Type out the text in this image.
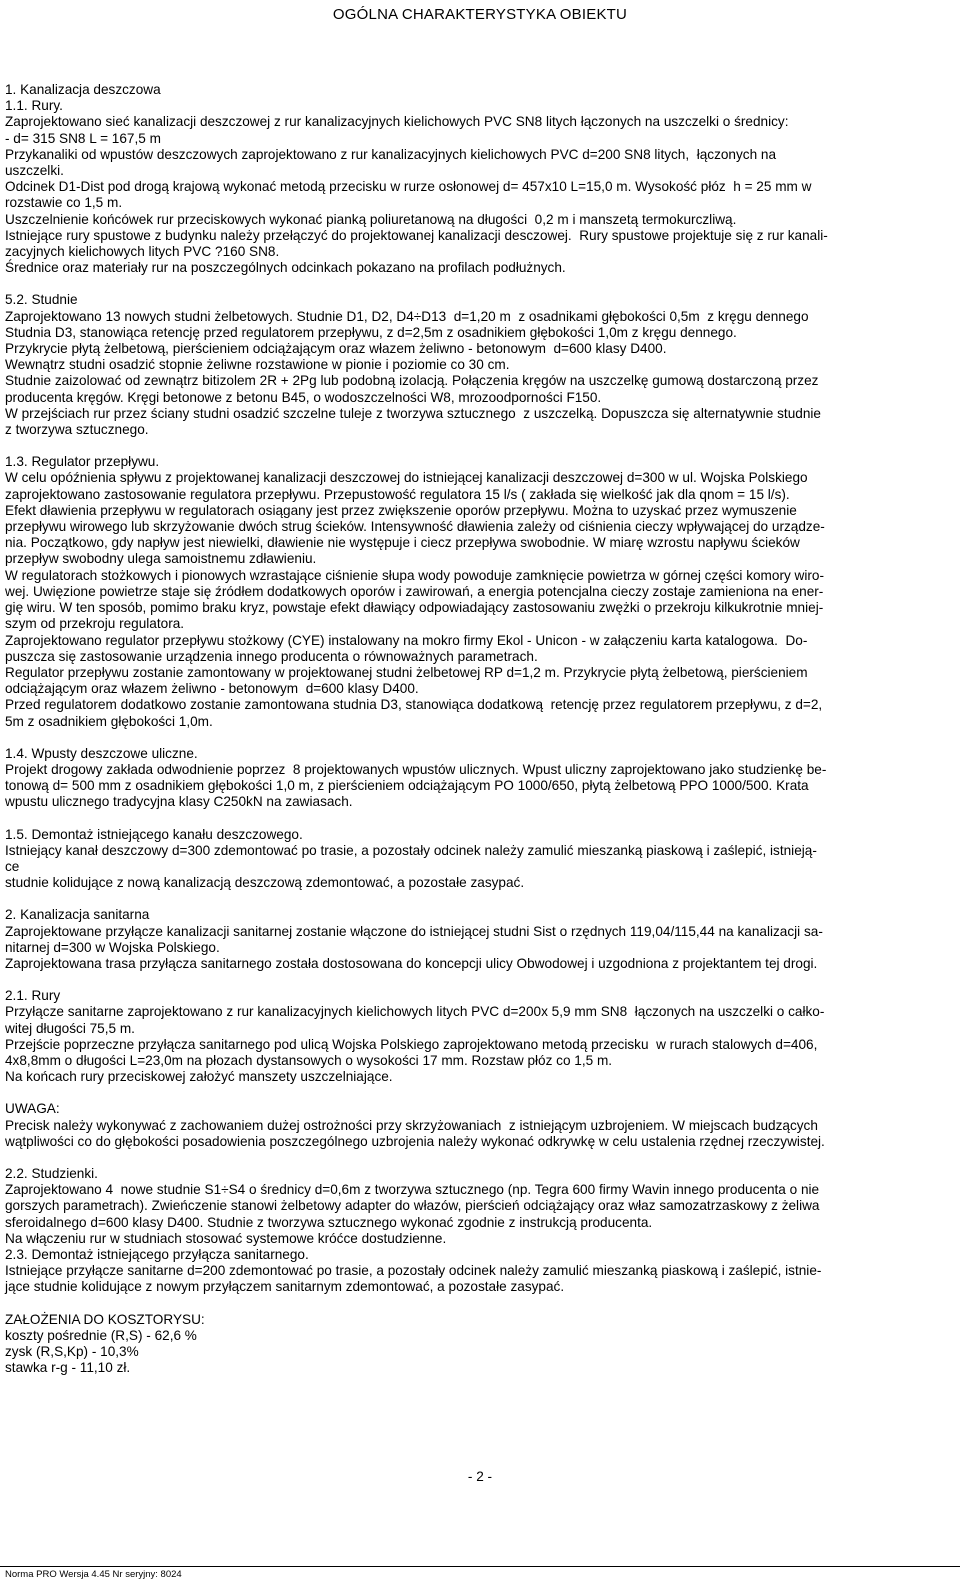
OGÓLNA CHARAKTERYSTYKA OBIEKTU

1. Kanalizacja deszczowa

1.1. Rury.

Zaprojektowano sieć kanalizacji deszczowej z rur kanalizacyjnych kielichowych PVC SN8 litych łączonych na uszczelki o średnicy:

- d= 315 SN8 L = 167,5 m

Przykanaliki od wpustów deszczowych zaprojektowano z rur kanalizacyjnych kielichowych PVC d=200 SN8 litych,  łączonych na

uszczelki.

Odcinek D1-Dist pod drogą krajową wykonać metodą przecisku w rurze osłonowej d= 457x10 L=15,0 m. Wysokość płóz  h = 25 mm w

rozstawie co 1,5 m.

Uszczelnienie końcówek rur przeciskowych wykonać pianką poliuretanową na długości  0,2 m i manszetą termokurczliwą.

Istniejące rury spustowe z budynku należy przełączyć do projektowanej kanalizacji desczowej.  Rury spustowe projektuje się z rur kanali-

zacyjnych kielichowych litych PVC ?160 SN8.

Średnice oraz materiały rur na poszczególnych odcinkach pokazano na profilach podłużnych.

5.2. Studnie

Zaprojektowano 13 nowych studni żelbetowych. Studnie D1, D2, D4÷D13  d=1,20 m  z osadnikami głębokości 0,5m  z kręgu dennego

Studnia D3, stanowiąca retencję przed regulatorem przepływu, z d=2,5m z osadnikiem głębokości 1,0m z kręgu dennego.

Przykrycie płytą żelbetową, pierścieniem odciążającym oraz włazem żeliwno - betonowym  d=600 klasy D400.

Wewnątrz studni osadzić stopnie żeliwne rozstawione w pionie i poziomie co 30 cm.

Studnie zaizolować od zewnątrz bitizolem 2R + 2Pg lub podobną izolacją. Połączenia kręgów na uszczelkę gumową dostarczoną przez

producenta kręgów. Kręgi betonowe z betonu B45, o wodoszczelności W8, mrozoodporności F150.

W przejściach rur przez ściany studni osadzić szczelne tuleje z tworzywa sztucznego  z uszczelką. Dopuszcza się alternatywnie studnie

z tworzywa sztucznego.

1.3. Regulator przepływu.

W celu opóźnienia spływu z projektowanej kanalizacji deszczowej do istniejącej kanalizacji deszczowej d=300 w ul. Wojska Polskiego

zaprojektowano zastosowanie regulatora przepływu. Przepustowość regulatora 15 l/s ( zakłada się wielkość jak dla qnom = 15 l/s).

Efekt dławienia przepływu w regulatorach osiągany jest przez zwiększenie oporów przepływu. Można to uzyskać przez wymuszenie

przepływu wirowego lub skrzyżowanie dwóch strug ścieków. Intensywność dławienia zależy od ciśnienia cieczy wpływającej do urządze-

nia. Początkowo, gdy napływ jest niewielki, dławienie nie występuje i ciecz przepływa swobodnie. W miarę wzrostu napływu ścieków

przepływ swobodny ulega samoistnemu zdławieniu.

W regulatorach stożkowych i pionowych wzrastające ciśnienie słupa wody powoduje zamknięcie powietrza w górnej części komory wiro-

wej. Uwięzione powietrze staje się źródłem dodatkowych oporów i zawirowań, a energia potencjalna cieczy zostaje zamieniona na ener-

gię wiru. W ten sposób, pomimo braku kryz, powstaje efekt dławiący odpowiadający zastosowaniu zwężki o przekroju kilkukrotnie mniej-

szym od przekroju regulatora.

Zaprojektowano regulator przepływu stożkowy (CYE) instalowany na mokro firmy Ekol - Unicon - w załączeniu karta katalogowa.  Do-

puszcza się zastosowanie urządzenia innego producenta o równoważnych parametrach.

Regulator przepływu zostanie zamontowany w projektowanej studni żelbetowej RP d=1,2 m. Przykrycie płytą żelbetową, pierścieniem

odciążającym oraz włazem żeliwno - betonowym  d=600 klasy D400.

Przed regulatorem dodatkowo zostanie zamontowana studnia D3, stanowiąca dodatkową  retencję przez regulatorem przepływu, z d=2,

5m z osadnikiem głębokości 1,0m.

1.4. Wpusty deszczowe uliczne.

Projekt drogowy zakłada odwodnienie poprzez  8 projektowanych wpustów ulicznych. Wpust uliczny zaprojektowano jako studzienkę be-

tonową d= 500 mm z osadnikiem głębokości 1,0 m, z pierścieniem odciążającym PO 1000/650, płytą żelbetową PPO 1000/500. Krata

wpustu ulicznego tradycyjna klasy C250kN na zawiasach.

1.5. Demontaż istniejącego kanału deszczowego.

Istniejący kanał deszczowy d=300 zdemontować po trasie, a pozostały odcinek należy zamulić mieszanką piaskową i zaślepić, istnieją-

ce

studnie kolidujące z nową kanalizacją deszczową zdemontować, a pozostałe zasypać.

2. Kanalizacja sanitarna

Zaprojektowane przyłącze kanalizacji sanitarnej zostanie włączone do istniejącej studni Sist o rzędnych 119,04/115,44 na kanalizacji sa-

nitarnej d=300 w Wojska Polskiego.

Zaprojektowana trasa przyłącza sanitarnego została dostosowana do koncepcji ulicy Obwodowej i uzgodniona z projektantem tej drogi.

2.1. Rury

Przyłącze sanitarne zaprojektowano z rur kanalizacyjnych kielichowych litych PVC d=200x 5,9 mm SN8  łączonych na uszczelki o całko-

witej długości 75,5 m.

Przejście poprzeczne przyłącza sanitarnego pod ulicą Wojska Polskiego zaprojektowano metodą przecisku  w rurach stalowych d=406,

4x8,8mm o długości L=23,0m na płozach dystansowych o wysokości 17 mm. Rozstaw płóz co 1,5 m.

Na końcach rury przeciskowej założyć manszety uszczelniające.

UWAGA:

Precisk należy wykonywać z zachowaniem dużej ostrożności przy skrzyżowaniach  z istniejącym uzbrojeniem. W miejscach budzących

wątpliwości co do głębokości posadowienia poszczególnego uzbrojenia należy wykonać odkrywkę w celu ustalenia rzędnej rzeczywistej.

2.2. Studzienki.

Zaprojektowano 4  nowe studnie S1÷S4 o średnicy d=0,6m z tworzywa sztucznego (np. Tegra 600 firmy Wavin innego producenta o nie

gorszych parametrach). Zwieńczenie stanowi żelbetowy adapter do włazów, pierścień odciążający oraz właz samozatrzaskowy z żeliwa

sferoidalnego d=600 klasy D400. Studnie z tworzywa sztucznego wykonać zgodnie z instrukcją producenta.

Na włączeniu rur w studniach stosować systemowe króćce dostudzienne.

2.3. Demontaż istniejącego przyłącza sanitarnego.

Istniejące przyłącze sanitarne d=200 zdemontować po trasie, a pozostały odcinek należy zamulić mieszanką piaskową i zaślepić, istnie-

jące studnie kolidujące z nowym przyłączem sanitarnym zdemontować, a pozostałe zasypać.

ZAŁOŻENIA DO KOSZTORYSU:

koszty pośrednie (R,S) - 62,6 %

zysk (R,S,Kp) - 10,3%

stawka r-g - 11,10 zł.

- 2 -
Norma PRO Wersja 4.45 Nr seryjny: 8024
